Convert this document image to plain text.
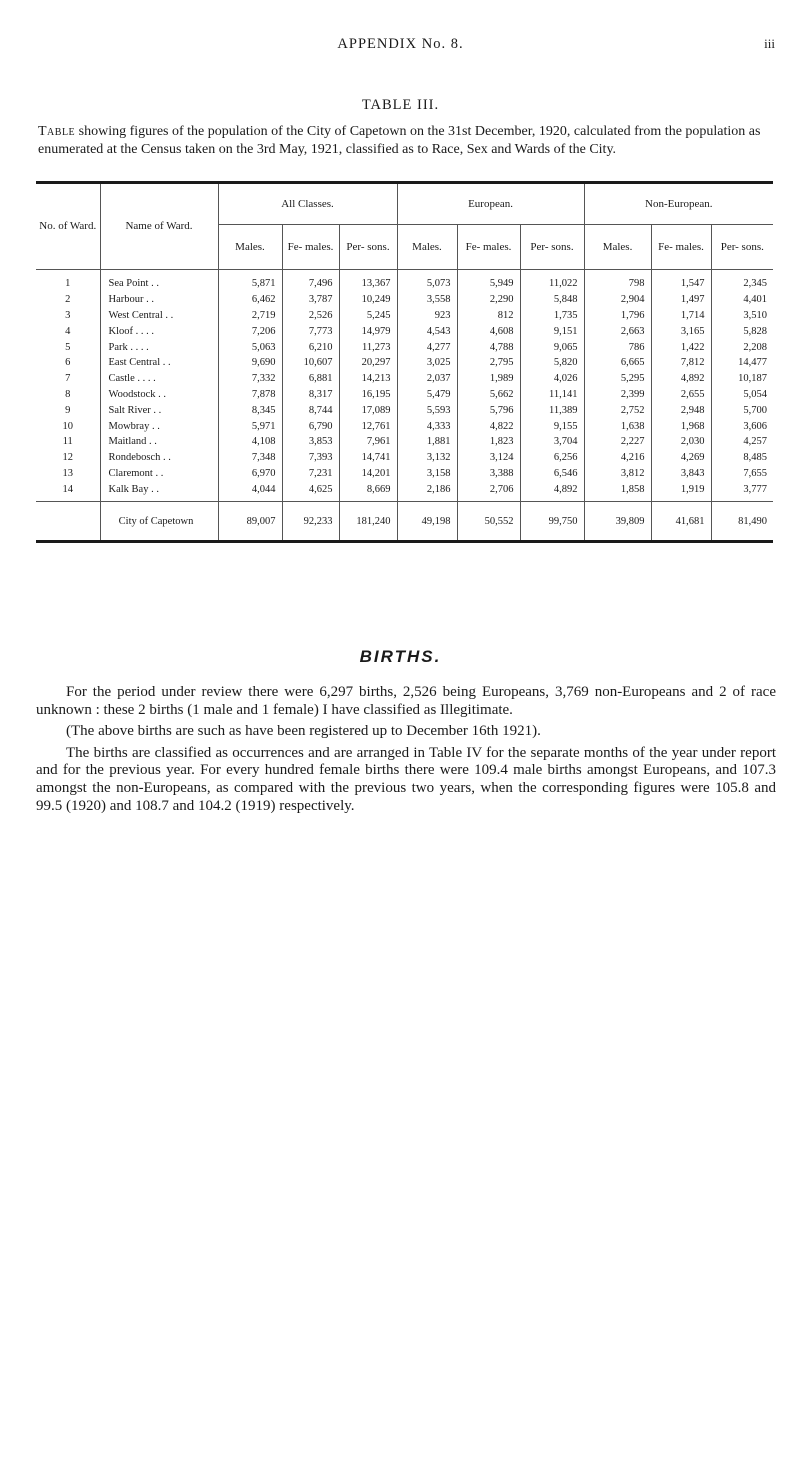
APPENDIX No. 8.	iii
TABLE III.
Table showing figures of the population of the City of Capetown on the 31st December, 1920, calculated from the population as enumerated at the Census taken on the 3rd May, 1921, classified as to Race, Sex and Wards of the City.
No. of Ward.	Name of Ward.	All Classes.			European.			Non-European.		
		Males.	Fe- males.	Per- sons.	Males.	Fe- males.	Per- sons.	Males.	Fe- males.	Per- sons.
1	Sea Point . .	5,871	7,496	13,367	5,073	5,949	11,022	798	1,547	2,345
2	Harbour . .	6,462	3,787	10,249	3,558	2,290	5,848	2,904	1,497	4,401
3	West Central . .	2,719	2,526	5,245	923	812	1,735	1,796	1,714	3,510
4	Kloof . . . .	7,206	7,773	14,979	4,543	4,608	9,151	2,663	3,165	5,828
5	Park . . . .	5,063	6,210	11,273	4,277	4,788	9,065	786	1,422	2,208
6	East Central . .	9,690	10,607	20,297	3,025	2,795	5,820	6,665	7,812	14,477
7	Castle . . . .	7,332	6,881	14,213	2,037	1,989	4,026	5,295	4,892	10,187
8	Woodstock . .	7,878	8,317	16,195	5,479	5,662	11,141	2,399	2,655	5,054
9	Salt River . .	8,345	8,744	17,089	5,593	5,796	11,389	2,752	2,948	5,700
10	Mowbray . .	5,971	6,790	12,761	4,333	4,822	9,155	1,638	1,968	3,606
11	Maitland . .	4,108	3,853	7,961	1,881	1,823	3,704	2,227	2,030	4,257
12	Rondebosch . .	7,348	7,393	14,741	3,132	3,124	6,256	4,216	4,269	8,485
13	Claremont . .	6,970	7,231	14,201	3,158	3,388	6,546	3,812	3,843	7,655
14	Kalk Bay . .	4,044	4,625	8,669	2,186	2,706	4,892	1,858	1,919	3,777
	City of Capetown	89,007	92,233	181,240	49,198	50,552	99,750	39,809	41,681	81,490
BIRTHS.

For the period under review there were 6,297 births, 2,526 being Europeans, 3,769 non-Europeans and 2 of race unknown : these 2 births (1 male and 1 female) I have classified as Illegitimate.

(The above births are such as have been registered up to December 16th 1921).

The births are classified as occurrences and are arranged in Table IV for the separate months of the year under report and for the previous year. For every hundred female births there were 109.4 male births amongst Europeans, and 107.3 amongst the non-Europeans, as compared with the previous two years, when the corresponding figures were 105.8 and 99.5 (1920) and 108.7 and 104.2 (1919) respectively.
